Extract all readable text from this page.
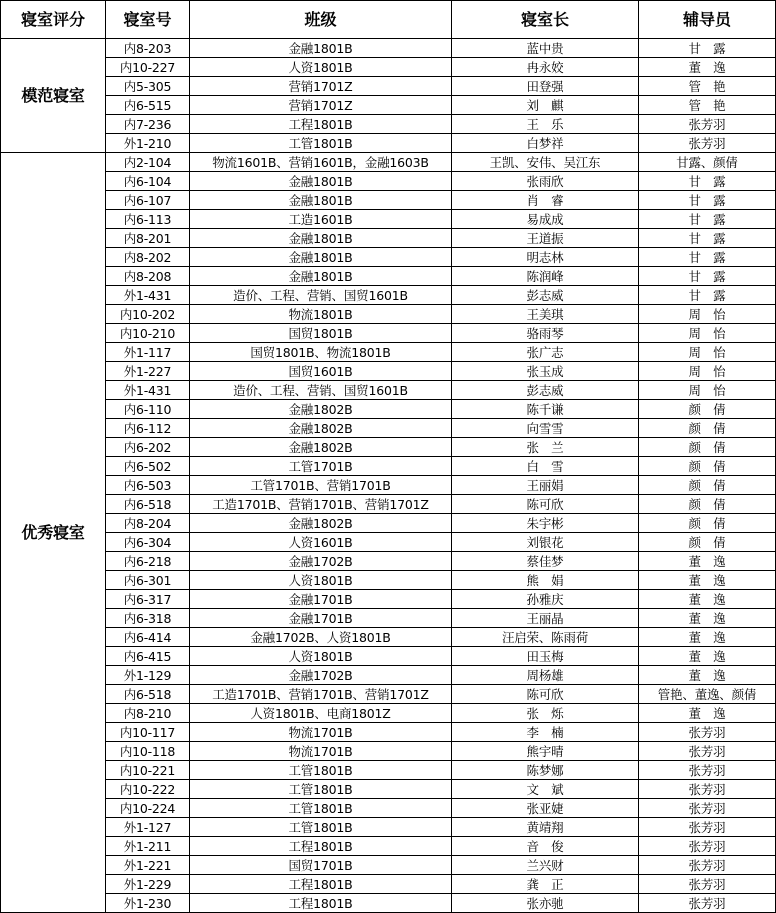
寝室评分	寝室号	班级	寝室长	辅导员
模范寝室	内8-203	金融1801B	蓝中贵	甘　露
	内10-227	人资1801B	冉永姣	董　逸
	内5-305	营销1701Z	田登强	管　艳
	内6-515	营销1701Z	刘　麒	管　艳
	内7-236	工程1801B	王　乐	张芳羽
	外1-210	工管1801B	白梦祥	张芳羽
优秀寝室	内2-104	物流1601B、营销1601B，金融1603B	王凯、安伟、吴江东	甘露、颜倩
	内6-104	金融1801B	张雨欣	甘　露
	内6-107	金融1801B	肖　睿	甘　露
	内6-113	工造1601B	易成成	甘　露
	内8-201	金融1801B	王道振	甘　露
	内8-202	金融1801B	明志林	甘　露
	内8-208	金融1801B	陈润峰	甘　露
	外1-431	造价、工程、营销、国贸1601B	彭志威	甘　露
	内10-202	物流1801B	王美琪	周　怡
	内10-210	国贸1801B	骆雨琴	周　怡
	外1-117	国贸1801B、物流1801B	张广志	周　怡
	外1-227	国贸1601B	张玉成	周　怡
	外1-431	造价、工程、营销、国贸1601B	彭志威	周　怡
	内6-110	金融1802B	陈千谦	颜　倩
	内6-112	金融1802B	向雪雪	颜　倩
	内6-202	金融1802B	张　兰	颜　倩
	内6-502	工管1701B	白　雪	颜　倩
	内6-503	工管1701B、营销1701B	王丽娟	颜　倩
	内6-518	工造1701B、营销1701B、营销1701Z	陈可欣	颜　倩
	内8-204	金融1802B	朱宇彬	颜　倩
	内6-304	人资1601B	刘银花	颜　倩
	内6-218	金融1702B	蔡佳梦	董　逸
	内6-301	人资1801B	熊　娟	董　逸
	内6-317	金融1701B	孙雅庆	董　逸
	内6-318	金融1701B	王丽晶	董　逸
	内6-414	金融1702B、人资1801B	汪启荣、陈雨荷	董　逸
	内6-415	人资1801B	田玉梅	董　逸
	外1-129	金融1702B	周杨雄	董　逸
	内6-518	工造1701B、营销1701B、营销1701Z	陈可欣	管艳、董逸、颜倩
	内8-210	人资1801B、电商1801Z	张　烁	董　逸
	内10-117	物流1701B	李　楠	张芳羽
	内10-118	物流1701B	熊宇晴	张芳羽
	内10-221	工管1801B	陈梦娜	张芳羽
	内10-222	工管1801B	文　斌	张芳羽
	内10-224	工管1801B	张亚婕	张芳羽
	外1-127	工管1801B	黄靖翔	张芳羽
	外1-211	工程1801B	音　俊	张芳羽
	外1-221	国贸1701B	兰兴财	张芳羽
	外1-229	工程1801B	龚　正	张芳羽
	外1-230	工程1801B	张亦驰	张芳羽
